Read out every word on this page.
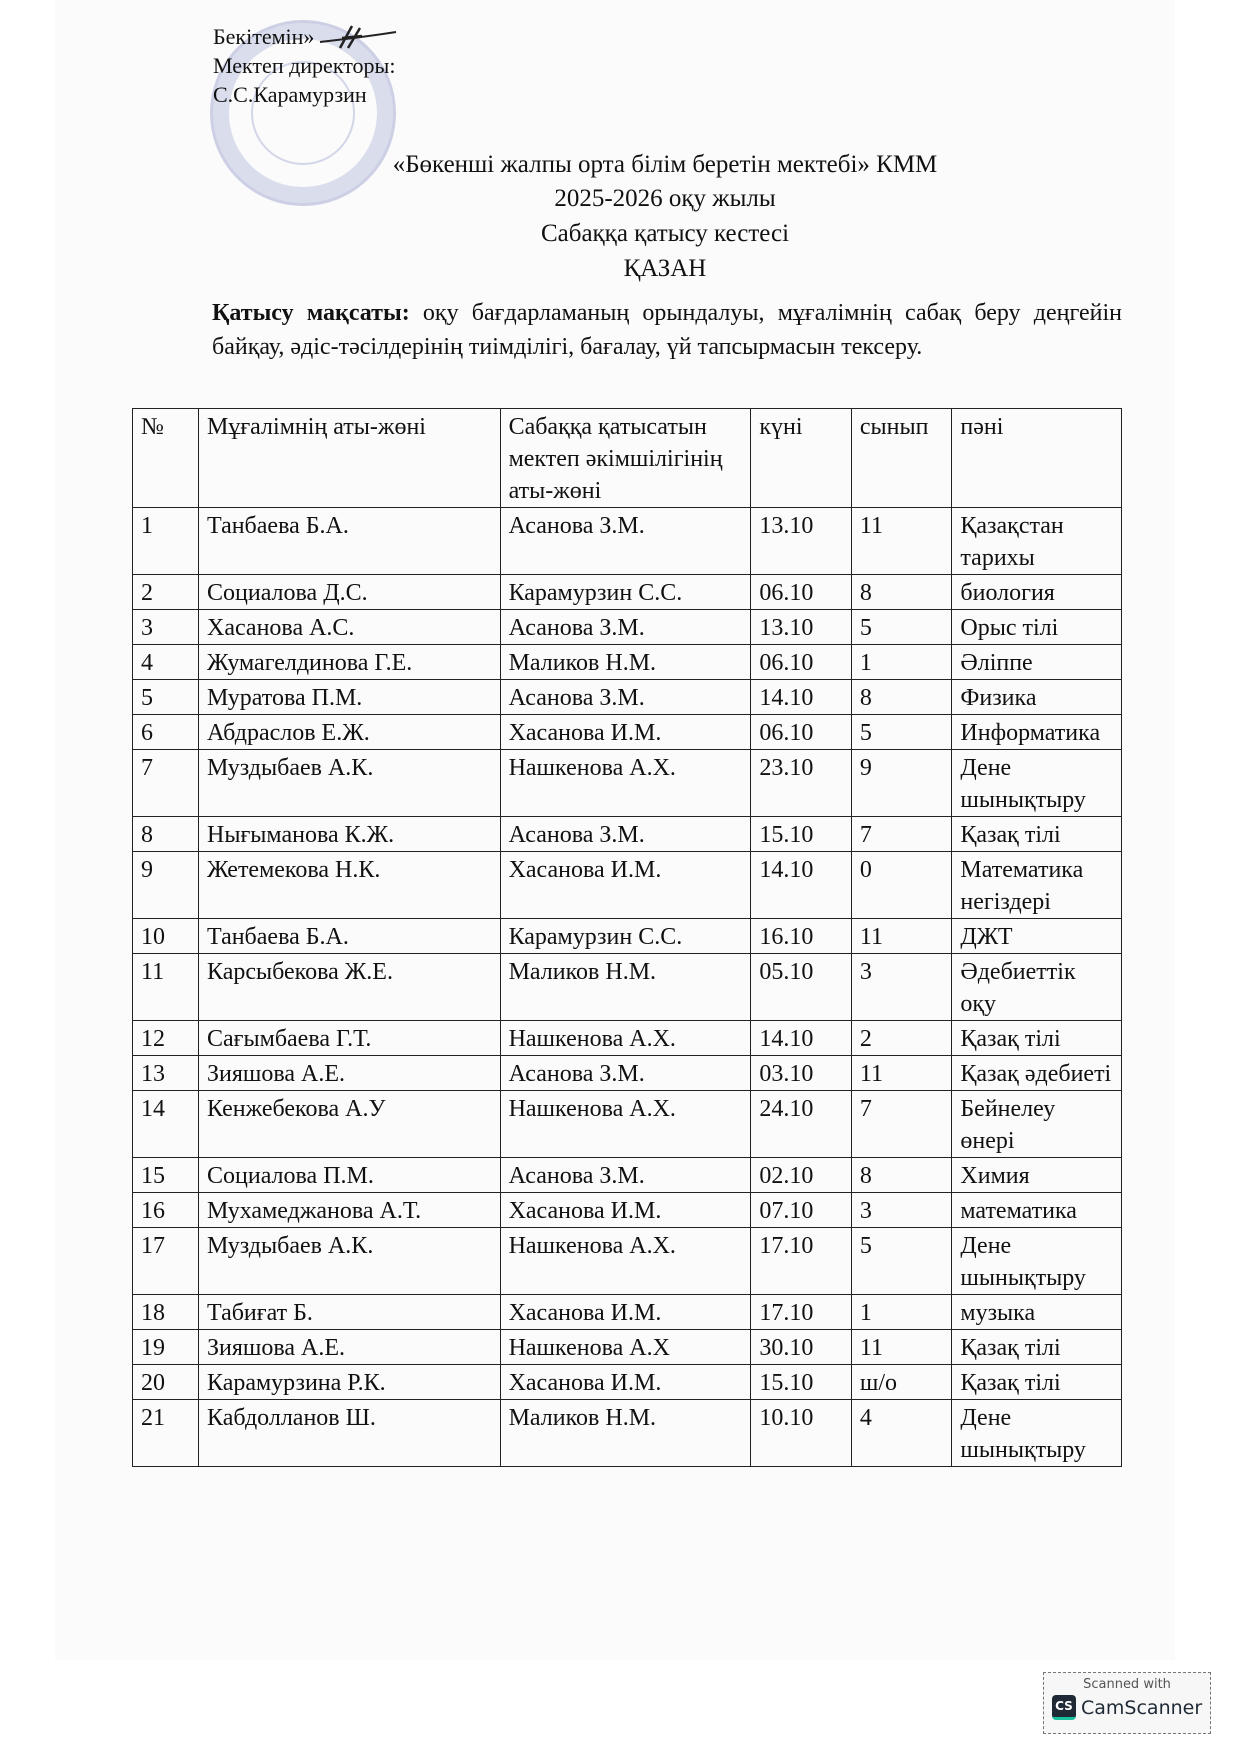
Бекітемін»
Мектеп директоры:
С.С.Карамурзин
«Бөкенші жалпы орта білім беретін мектебі» КММ
2025-2026 оқу жылы
Сабаққа қатысу кестесі
ҚАЗАН
Қатысу мақсаты: оқу бағдарламаның орындалуы, мұғалімнің сабақ беру деңгейін байқау, әдіс-тәсілдерінің тиімділігі, бағалау, үй тапсырмасын тексеру.
№	Мұғалімнің аты-жөні	Сабаққа қатысатын мектеп әкімшілігінің аты-жөні	күні	сынып	пәні
1	Танбаева Б.А.	Асанова З.М.	13.10	11	Қазақстан тарихы
2	Социалова Д.С.	Карамурзин С.С.	06.10	8	биология
3	Хасанова А.С.	Асанова З.М.	13.10	5	Орыс тілі
4	Жумагелдинова Г.Е.	Маликов Н.М.	06.10	1	Әліппе
5	Муратова П.М.	Асанова З.М.	14.10	8	Физика
6	Абдраслов Е.Ж.	Хасанова И.М.	06.10	5	Информатика
7	Муздыбаев А.К.	Нашкенова А.Х.	23.10	9	Дене шынықтыру
8	Нығыманова К.Ж.	Асанова З.М.	15.10	7	Қазақ тілі
9	Жетемекова Н.К.	Хасанова И.М.	14.10	0	Математика негіздері
10	Танбаева Б.А.	Карамурзин С.С.	16.10	11	ДЖТ
11	Карсыбекова Ж.Е.	Маликов Н.М.	05.10	3	Әдебиеттік оқу
12	Сағымбаева Г.Т.	Нашкенова А.Х.	14.10	2	Қазақ тілі
13	Зияшова А.Е.	Асанова З.М.	03.10	11	Қазақ әдебиеті
14	Кенжебекова А.У	Нашкенова А.Х.	24.10	7	Бейнелеу өнері
15	Социалова П.М.	Асанова З.М.	02.10	8	Химия
16	Мухамеджанова А.Т.	Хасанова И.М.	07.10	3	математика
17	Муздыбаев А.К.	Нашкенова А.Х.	17.10	5	Дене шынықтыру
18	Табиғат Б.	Хасанова И.М.	17.10	1	музыка
19	Зияшова А.Е.	Нашкенова А.Х	30.10	11	Қазақ тілі
20	Карамурзина Р.К.	Хасанова И.М.	15.10	ш/о	Қазақ тілі
21	Кабдолланов Ш.	Маликов Н.М.	10.10	4	Дене шынықтыру
Scanned with
CS CamScanner
